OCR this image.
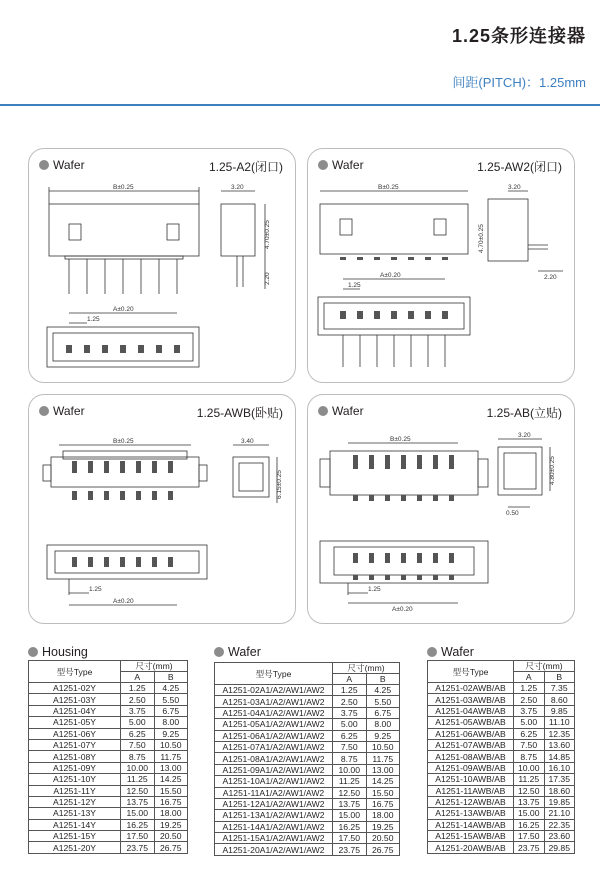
1.25条形连接器
间距(PITCH)：1.25mm
B±0.25	3.20
4.70±0.25
2.20
A±0.20
1.25
Wafer	1.25-A2(闭口)
B±0.25	3.20
4.70±0.25
2.20
A±0.20
1.25
Wafer	1.25-AW2(闭口)
B±0.25	3.40
6.15±0.25
1.25
A±0.20
Wafer	1.25-AWB(卧贴)
B±0.25
3.20
4.80±0.25
0.50
1.25
A±0.20
Wafer	1.25-AB(立贴)
Housing	Wafer	Wafer
型号Type	尺寸(mm)	
	A	B
A1251-02Y	1.25	4.25
A1251-03Y	2.50	5.50
A1251-04Y	3.75	6.75
A1251-05Y	5.00	8.00
A1251-06Y	6.25	9.25
A1251-07Y	7.50	10.50
A1251-08Y	8.75	11.75
A1251-09Y	10.00	13.00
A1251-10Y	11.25	14.25
A1251-11Y	12.50	15.50
A1251-12Y	13.75	16.75
A1251-13Y	15.00	18.00
A1251-14Y	16.25	19.25
A1251-15Y	17.50	20.50
A1251-20Y	23.75	26.75
型号Type	尺寸(mm)	
	A	B
A1251-02A1/A2/AW1/AW2	1.25	4.25
A1251-03A1/A2/AW1/AW2	2.50	5.50
A1251-04A1/A2/AW1/AW2	3.75	6.75
A1251-05A1/A2/AW1/AW2	5.00	8.00
A1251-06A1/A2/AW1/AW2	6.25	9.25
A1251-07A1/A2/AW1/AW2	7.50	10.50
A1251-08A1/A2/AW1/AW2	8.75	11.75
A1251-09A1/A2/AW1/AW2	10.00	13.00
A1251-10A1/A2/AW1/AW2	11.25	14.25
A1251-11A1/A2/AW1/AW2	12.50	15.50
A1251-12A1/A2/AW1/AW2	13.75	16.75
A1251-13A1/A2/AW1/AW2	15.00	18.00
A1251-14A1/A2/AW1/AW2	16.25	19.25
A1251-15A1/A2/AW1/AW2	17.50	20.50
A1251-20A1/A2/AW1/AW2	23.75	26.75
型号Type	尺寸(mm)	
	A	B
A1251-02AWB/AB	1.25	7.35
A1251-03AWB/AB	2.50	8.60
A1251-04AWB/AB	3.75	9.85
A1251-05AWB/AB	5.00	11.10
A1251-06AWB/AB	6.25	12.35
A1251-07AWB/AB	7.50	13.60
A1251-08AWB/AB	8.75	14.85
A1251-09AWB/AB	10.00	16.10
A1251-10AWB/AB	11.25	17.35
A1251-11AWB/AB	12.50	18.60
A1251-12AWB/AB	13.75	19.85
A1251-13AWB/AB	15.00	21.10
A1251-14AWB/AB	16.25	22.35
A1251-15AWB/AB	17.50	23.60
A1251-20AWB/AB	23.75	29.85
